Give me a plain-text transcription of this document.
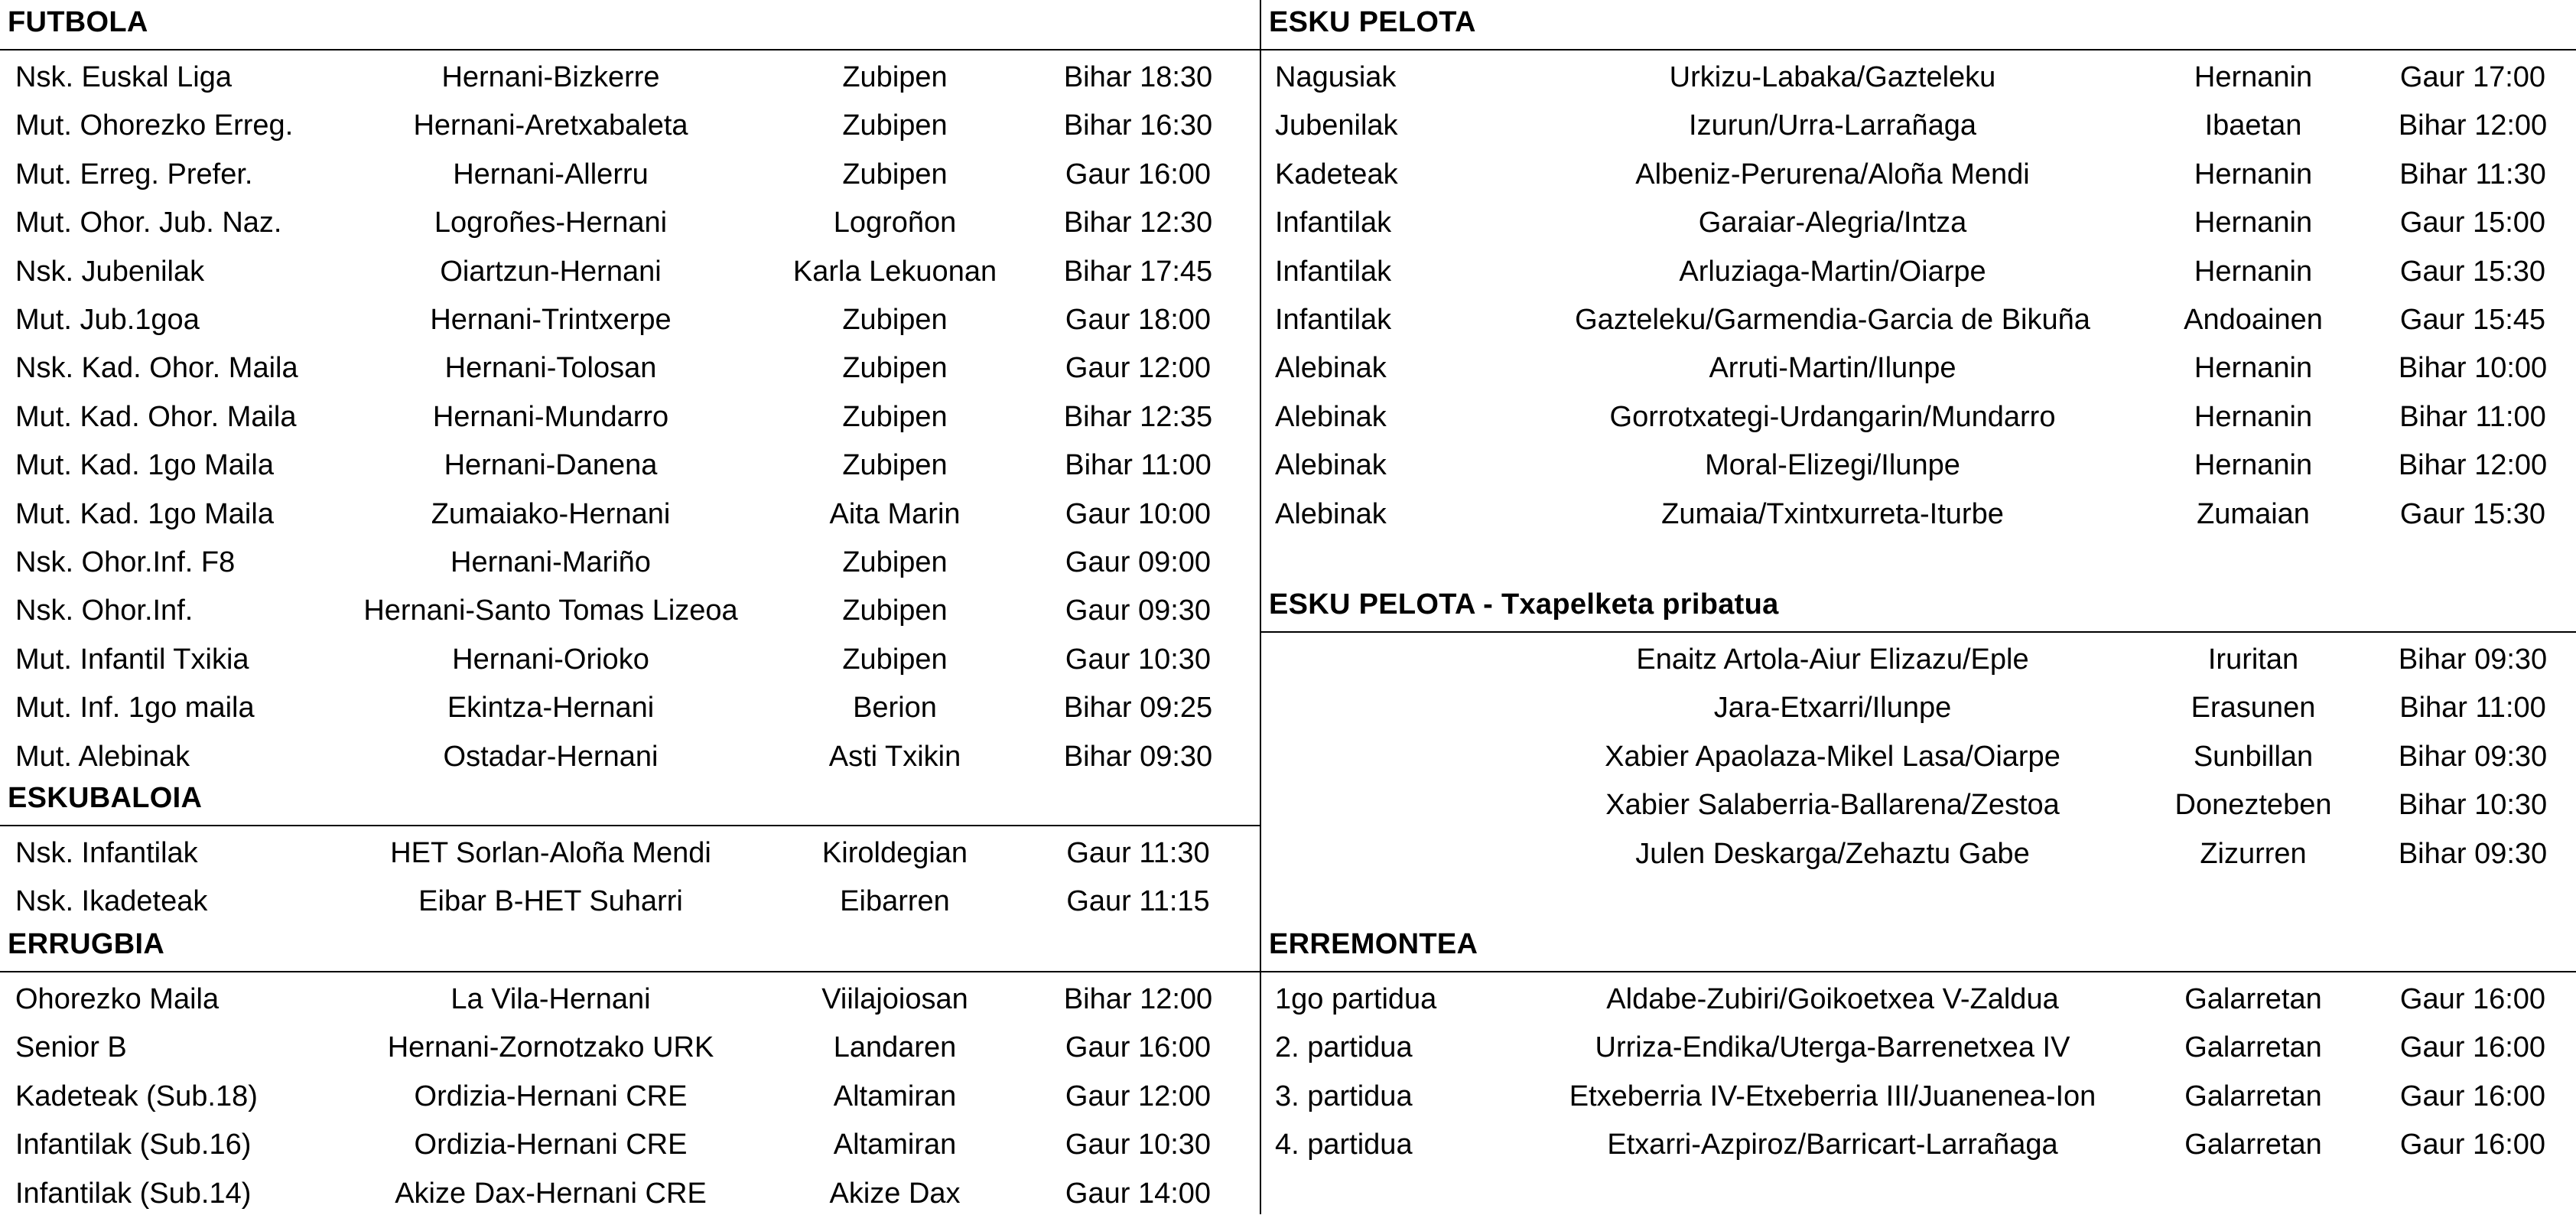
FUTBOLA
ESKUBALOIA
ERRUGBIA
Nsk. Euskal Liga	Hernani-Bizkerre	Zubipen	Bihar 18:30
Mut. Ohorezko Erreg.	Hernani-Aretxabaleta	Zubipen	Bihar 16:30
Mut. Erreg. Prefer.	Hernani-Allerru	Zubipen	Gaur 16:00
Mut. Ohor. Jub. Naz.	Logroñes-Hernani	Logroñon	Bihar 12:30
Nsk. Jubenilak	Oiartzun-Hernani	Karla Lekuonan Bihar 17:45
Mut. Jub.1goa	Hernani-Trintxerpe	Zubipen	Gaur 18:00
Nsk. Kad. Ohor. Maila	Hernani-Tolosan	Zubipen	Gaur 12:00
Mut. Kad. Ohor. Maila	Hernani-Mundarro	Zubipen	Bihar 12:35
Mut. Kad. 1go Maila	Hernani-Danena	Zubipen	Bihar 11:00
Mut. Kad. 1go Maila	Zumaiako-Hernani	Aita Marin	Gaur 10:00
Nsk. Ohor.Inf. F8	Hernani-Mariño	Zubipen	Gaur 09:00
Nsk. Ohor.Inf.	Hernani-Santo Tomas Lizeoa	Zubipen	Gaur 09:30
Mut. Infantil Txikia	Hernani-Orioko	Zubipen	Gaur 10:30
Mut. Inf. 1go maila	Ekintza-Hernani	Berion	Bihar 09:25
Mut. Alebinak	Ostadar-Hernani	Asti Txikin	Bihar 09:30
Nsk. Infantilak	HET Sorlan-Aloña Mendi	Kiroldegian	Gaur 11:30
Nsk. Ikadeteak	Eibar B-HET Suharri	Eibarren	Gaur 11:15
Ohorezko Maila	La Vila-Hernani	Viilajoiosan	Bihar 12:00
Senior B	Hernani-Zornotzako URK	Landaren	Gaur 16:00
Kadeteak (Sub.18)	Ordizia-Hernani CRE	Altamiran	Gaur 12:00
Infantilak (Sub.16)	Ordizia-Hernani CRE	Altamiran	Gaur 10:30
Infantilak (Sub.14)	Akize Dax-Hernani CRE	Akize Dax	Gaur 14:00
ESKU PELOTA
ESKU PELOTA - Txapelketa pribatua
ERREMONTEA
Nagusiak	Urkizu-Labaka/Gazteleku	Hernanin	Gaur 17:00
Jubenilak	Izurun/Urra-Larrañaga	Ibaetan	Bihar 12:00
Kadeteak	Albeniz-Perurena/Aloña Mendi	Hernanin	Bihar 11:30
Infantilak	Garaiar-Alegria/Intza	Hernanin	Gaur 15:00
Infantilak	Arluziaga-Martin/Oiarpe	Hernanin	Gaur 15:30
Infantilak	Gazteleku/Garmendia-Garcia de Bikuña	Andoainen	Gaur 15:45
Alebinak	Arruti-Martin/Ilunpe	Hernanin	Bihar 10:00
Alebinak	Gorrotxategi-Urdangarin/Mundarro	Hernanin	Bihar 11:00
Alebinak	Moral-Elizegi/Ilunpe	Hernanin	Bihar 12:00
Alebinak	Zumaia/Txintxurreta-Iturbe	Zumaian	Gaur 15:30
Enaitz Artola-Aiur Elizazu/Eple	Iruritan	Bihar 09:30
Jara-Etxarri/Ilunpe	Erasunen	Bihar 11:00
Xabier Apaolaza-Mikel Lasa/Oiarpe	Sunbillan	Bihar 09:30
Xabier Salaberria-Ballarena/Zestoa	Donezteben Bihar 10:30
Julen Deskarga/Zehaztu Gabe	Zizurren	Bihar 09:30
1go partidua	Aldabe-Zubiri/Goikoetxea V-Zaldua	Galarretan	Gaur 16:00
2. partidua	Urriza-Endika/Uterga-Barrenetxea IV	Galarretan	Gaur 16:00
3. partidua	Etxeberria IV-Etxeberria III/Juanenea-Ion	Galarretan	Gaur 16:00
4. partidua	Etxarri-Azpiroz/Barricart-Larrañaga	Galarretan	Gaur 16:00
